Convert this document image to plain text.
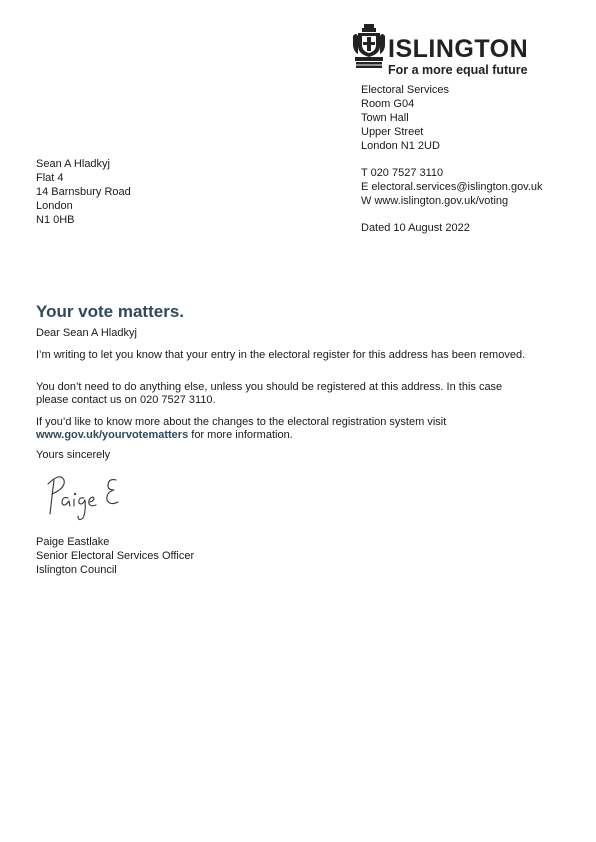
ISLINGTON
For a more equal future
Electoral Services
Room G04
Town Hall
Upper Street
London N1 2UD
T 020 7527 3110
E electoral.services@islington.gov.uk
W www.islington.gov.uk/voting
Dated 10 August 2022
Sean A Hladkyj
Flat 4
14 Barnsbury Road
London
N1 0HB
Your vote matters.
Dear Sean A Hladkyj
I’m writing to let you know that your entry in the electoral register for this address has been removed.
You don’t need to do anything else, unless you should be registered at this address. In this case please contact us on 020 7527 3110.
If you’d like to know more about the changes to the electoral registration system visit www.gov.uk/yourvotematters for more information.
Yours sincerely
Paige Eastlake
Senior Electoral Services Officer
Islington Council
